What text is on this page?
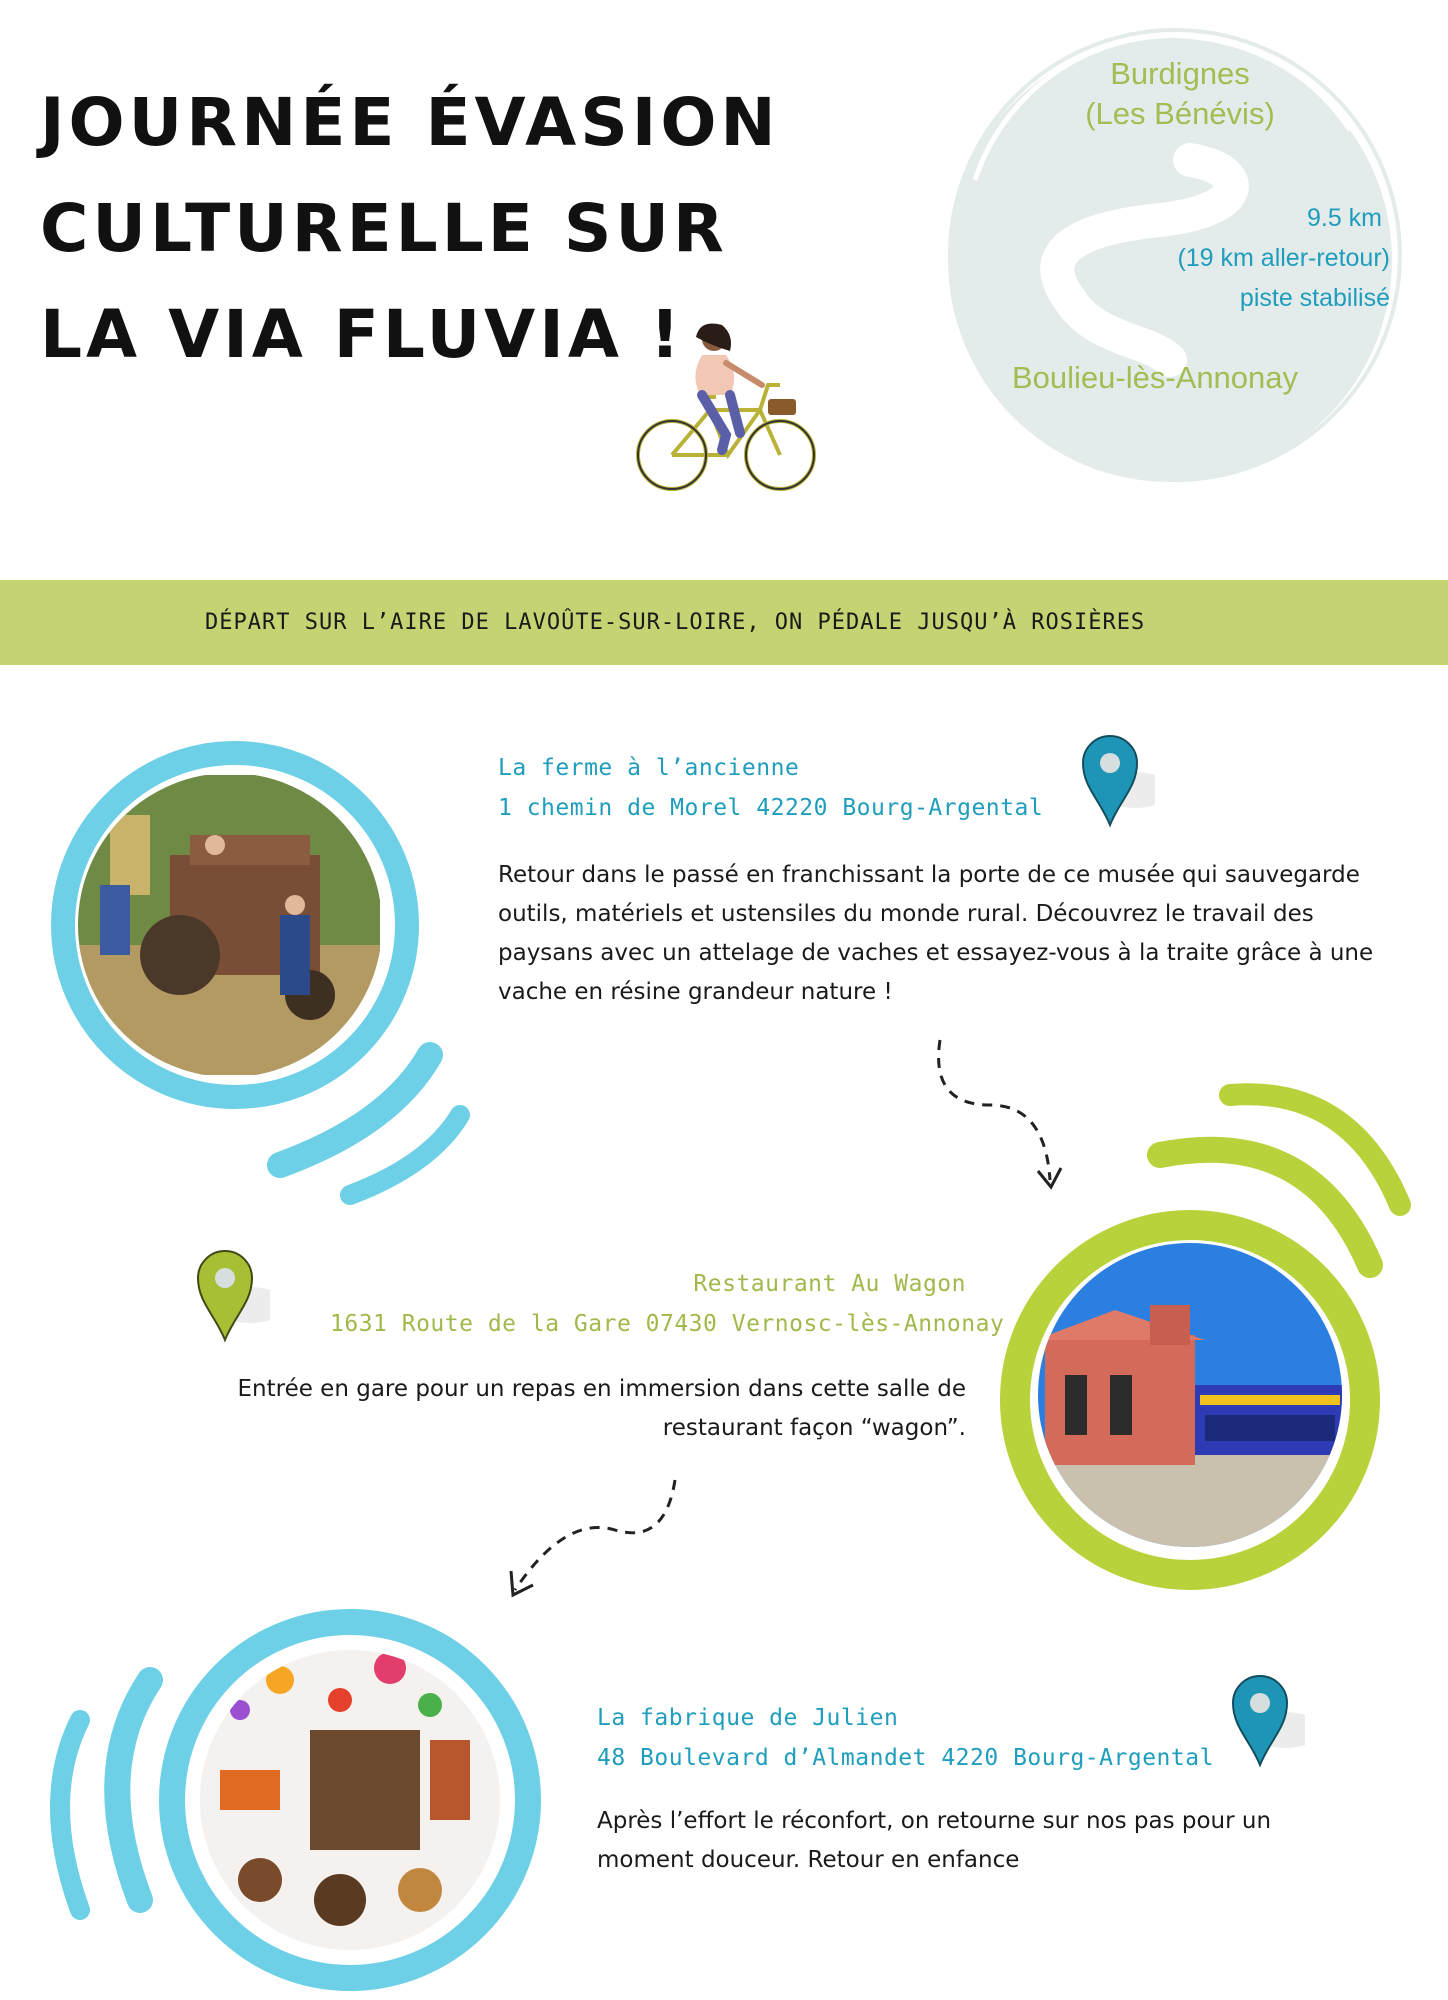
JOURNÉE ÉVASION
CULTURELLE SUR
LA VIA FLUVIA !
Burdignes
(Les Bénévis)
9.5 km
(19 km aller-retour)
piste stabilisé
Boulieu-lès-Annonay
DÉPART SUR L’AIRE DE LAVOÛTE-SUR-LOIRE, ON PÉDALE JUSQU’À ROSIÈRES
La ferme à l’ancienne
1 chemin de Morel 42220 Bourg-Argental

Retour dans le passé en franchissant la porte de ce musée qui sauvegarde outils, matériels et ustensiles du monde rural. Découvrez le travail des paysans avec un attelage de vaches et essayez-vous à la traite grâce à une vache en résine grandeur nature !

Restaurant Au Wagon
1631 Route de la Gare 07430 Vernosc-lès-Annonay

Entrée en gare pour un repas en immersion dans cette salle de restaurant façon “wagon”.

La fabrique de Julien
48 Boulevard d’Almandet 4220 Bourg-Argental

Après l’effort le réconfort, on retourne sur nos pas pour un moment douceur. Retour en enfance
